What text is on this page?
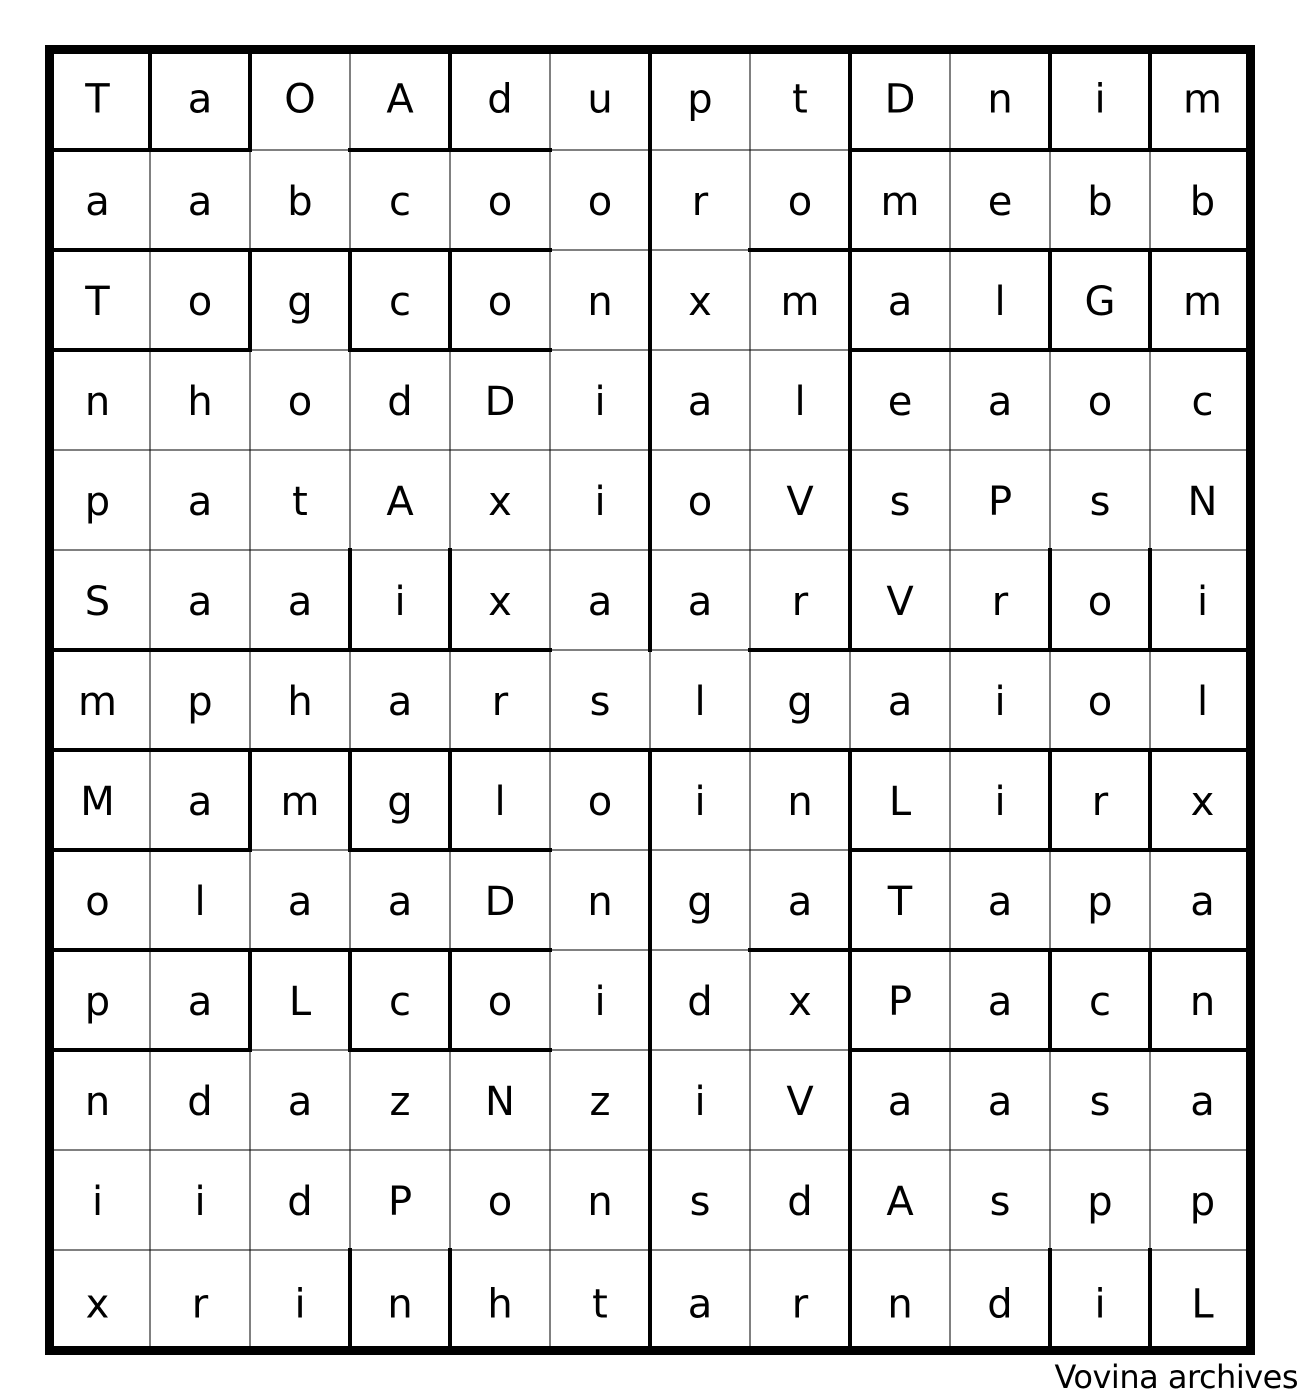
T a O A d u p t D n i m
a a b c o o r o m e b b
T o g c o n x m a l G m
n h o d D i a l e a o c
p a t A x i o V s P s N
S a a i x a a r V r o i
m p h a r s l g a i o l
M a m g l o i n L i r x
o l a a D n g a T a p a
p a L c o i d x P a c n
n d a z N z i V a a s a
i i d P o n s d A s p p
x r i n h t a r n d i L
Vovina archives
